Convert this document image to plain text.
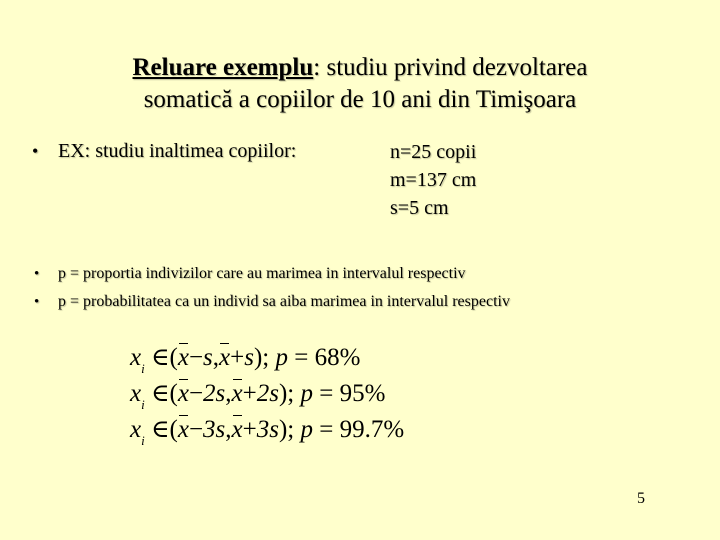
Reluare exemplu: studiu privind dezvoltarea
somatică a copiilor de 10 ani din Timişoara
• EX: studiu inaltimea copiilor:	n=25 copii
m=137 cm
s=5 cm
• p = proportia indivizilor care au marimea in intervalul respectiv
• p = probabilitatea ca un individ sa aiba marimea in intervalul respectiv
$x_i$ ∈(x−s,x+s); p = 68%
$x_i$ ∈(x−2s,x+2s); p = 95%
$x_i$ ∈(x−3s,x+3s); p = 99.7%
5
